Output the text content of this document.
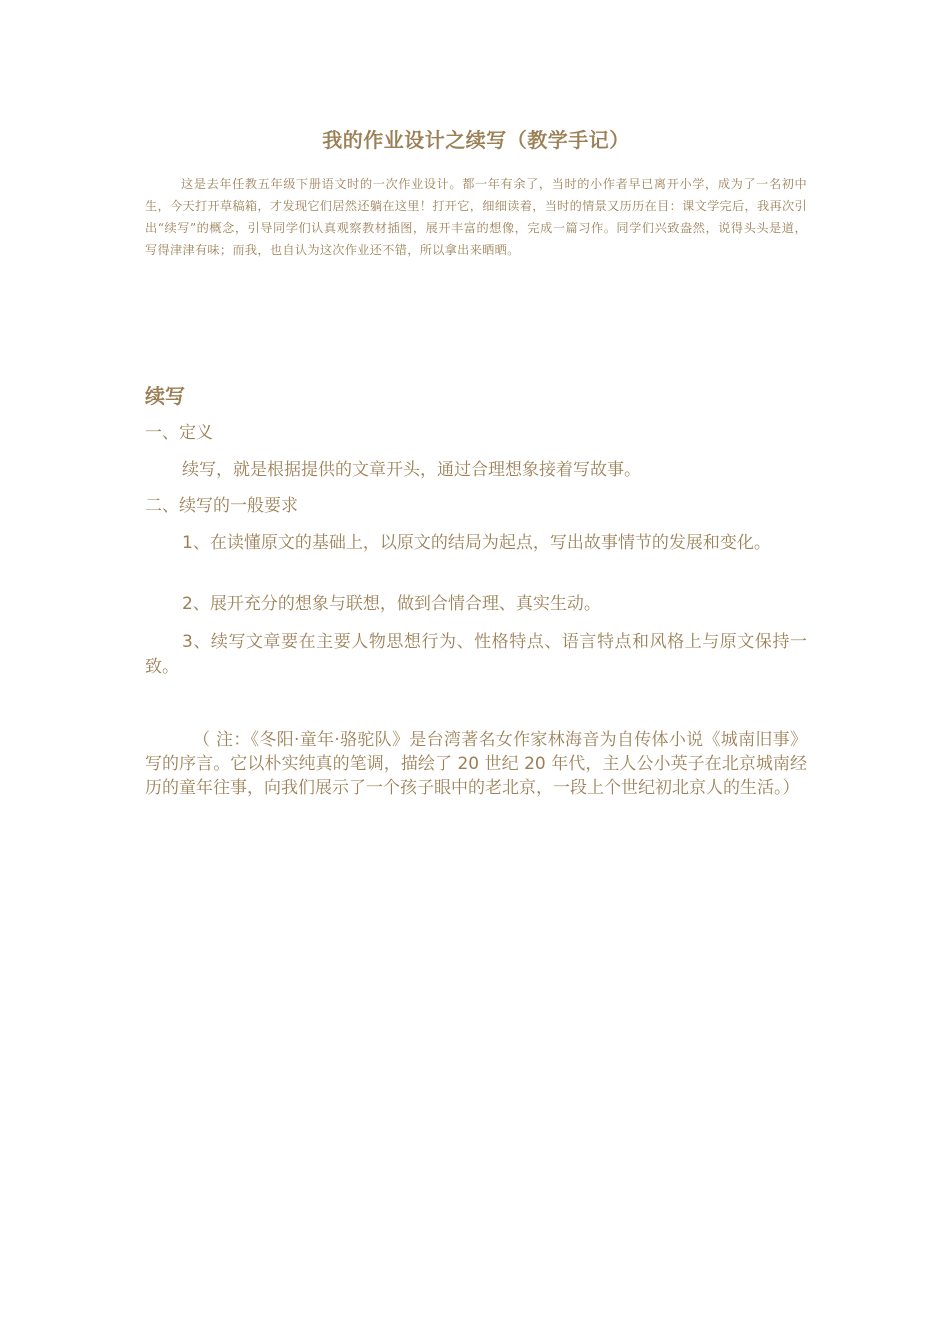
我的作业设计之续写（教学手记）
这是去年任教五年级下册语文时的一次作业设计。都一年有余了，当时的小作者早已离开小学，成为了一名初中生，今天打开草稿箱，才发现它们居然还躺在这里！打开它，细细读着，当时的情景又历历在目：课文学完后，我再次引出“续写”的概念，引导同学们认真观察教材插图，展开丰富的想像，完成一篇习作。同学们兴致盎然，说得头头是道，写得津津有味；而我，也自认为这次作业还不错，所以拿出来晒晒。
续写
一、定义
续写，就是根据提供的文章开头，通过合理想象接着写故事。
二、续写的一般要求
1、在读懂原文的基础上，以原文的结局为起点，写出故事情节的发展和变化。
2、展开充分的想象与联想，做到合情合理、真实生动。
3、续写文章要在主要人物思想行为、性格特点、语言特点和风格上与原文保持一致。
（ 注：《冬阳·童年·骆驼队》是台湾著名女作家林海音为自传体小说《城南旧事》写的序言。它以朴实纯真的笔调，描绘了 20 世纪 20 年代，主人公小英子在北京城南经历的童年往事，向我们展示了一个孩子眼中的老北京，一段上个世纪初北京人的生活。）
